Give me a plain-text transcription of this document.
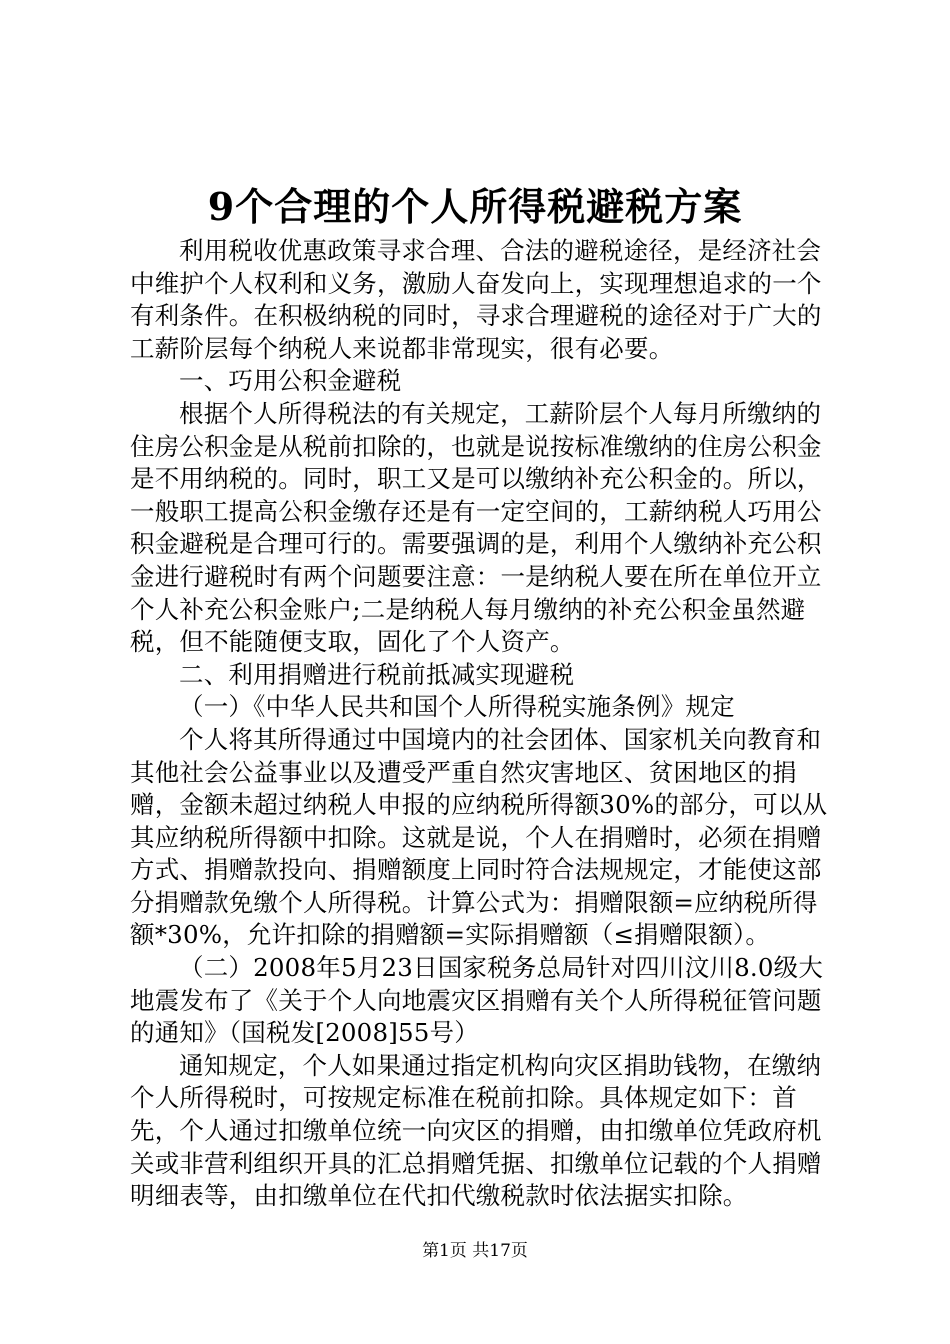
9个合理的个人所得税避税方案

利用税收优惠政策寻求合理、合法的避税途径，是经济社会中维护个人权利和义务，激励人奋发向上，实现理想追求的一个有利条件。在积极纳税的同时，寻求合理避税的途径对于广大的工薪阶层每个纳税人来说都非常现实，很有必要。

一、巧用公积金避税

根据个人所得税法的有关规定，工薪阶层个人每月所缴纳的住房公积金是从税前扣除的，也就是说按标准缴纳的住房公积金是不用纳税的。同时，职工又是可以缴纳补充公积金的。所以，一般职工提高公积金缴存还是有一定空间的，工薪纳税人巧用公积金避税是合理可行的。需要强调的是，利用个人缴纳补充公积金进行避税时有两个问题要注意：一是纳税人要在所在单位开立个人补充公积金账户;二是纳税人每月缴纳的补充公积金虽然避税，但不能随便支取，固化了个人资产。

二、利用捐赠进行税前抵减实现避税

（一）《中华人民共和国个人所得税实施条例》规定

个人将其所得通过中国境内的社会团体、国家机关向教育和其他社会公益事业以及遭受严重自然灾害地区、贫困地区的捐赠，金额未超过纳税人申报的应纳税所得额30%的部分，可以从其应纳税所得额中扣除。这就是说，个人在捐赠时，必须在捐赠方式、捐赠款投向、捐赠额度上同时符合法规规定，才能使这部分捐赠款免缴个人所得税。计算公式为：捐赠限额=应纳税所得额*30%，允许扣除的捐赠额=实际捐赠额（≤捐赠限额）。

（二）2008年5月23日国家税务总局针对四川汶川8.0级大地震发布了《关于个人向地震灾区捐赠有关个人所得税征管问题的通知》（国税发[2008]55号）

通知规定，个人如果通过指定机构向灾区捐助钱物，在缴纳个人所得税时，可按规定标准在税前扣除。具体规定如下：首先，个人通过扣缴单位统一向灾区的捐赠，由扣缴单位凭政府机关或非营利组织开具的汇总捐赠凭据、扣缴单位记载的个人捐赠明细表等，由扣缴单位在代扣代缴税款时依法据实扣除。

第1页 共17页
